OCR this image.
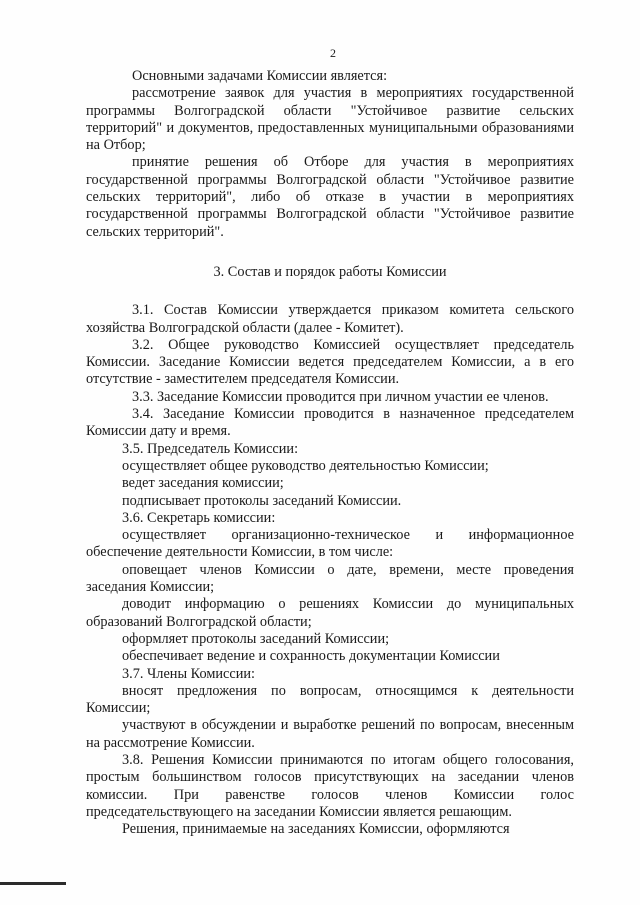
2

Основными задачами Комиссии является:

рассмотрение заявок для участия в мероприятиях государственной программы Волгоградской области "Устойчивое развитие сельских территорий" и документов, предоставленных муниципальными образованиями на Отбор;

принятие решения об Отборе для участия в мероприятиях государственной программы Волгоградской области "Устойчивое развитие сельских территорий", либо об отказе в участии в мероприятиях государственной программы Волгоградской области "Устойчивое развитие сельских территорий".

3. Состав и порядок работы Комиссии

3.1. Состав Комиссии утверждается приказом комитета сельского хозяйства Волгоградской области (далее - Комитет).

3.2. Общее руководство Комиссией осуществляет председатель Комиссии. Заседание Комиссии ведется председателем Комиссии, а в его отсутствие - заместителем председателя Комиссии.

3.3. Заседание Комиссии проводится при личном участии ее членов.

3.4. Заседание Комиссии проводится в назначенное председателем Комиссии дату и время.

3.5. Председатель Комиссии:

осуществляет общее руководство деятельностью Комиссии;

ведет заседания комиссии;

подписывает протоколы заседаний Комиссии.

3.6. Секретарь комиссии:

осуществляет организационно-техническое и информационное обеспечение деятельности Комиссии, в том числе:

оповещает членов Комиссии о дате, времени, месте проведения заседания Комиссии;

доводит информацию о решениях Комиссии до муниципальных образований Волгоградской области;

оформляет протоколы заседаний Комиссии;

обеспечивает ведение и сохранность документации Комиссии

3.7. Члены Комиссии:

вносят предложения по вопросам, относящимся к деятельности Комиссии;

участвуют в обсуждении и выработке решений по вопросам, внесенным на рассмотрение Комиссии.

3.8. Решения Комиссии принимаются по итогам общего голосования, простым большинством голосов присутствующих на заседании членов комиссии. При равенстве голосов членов Комиссии голос председательствующего на заседании Комиссии является решающим.

Решения, принимаемые на заседаниях Комиссии, оформляются
